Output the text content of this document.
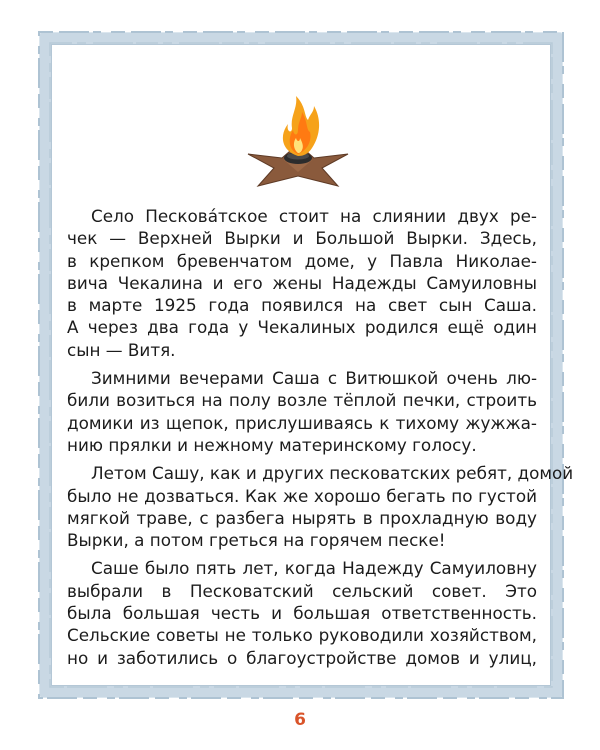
Село Песковáтское стоит на слиянии двух ре-
чек — Верхней Вырки и Большой Вырки. Здесь,
в крепком бревенчатом доме, у Павла Николае-
вича Чекалина и его жены Надежды Самуиловны
в марте 1925 года появился на свет сын Саша.
А через два года у Чекалиных родился ещё один
сын — Витя.
Зимними вечерами Саша с Витюшкой очень лю-
били возиться на полу возле тёплой печки, строить
домики из щепок, прислушиваясь к тихому жужжа-
нию прялки и нежному материнскому голосу.
Летом Сашу, как и других песковатских ребят, домой
было не дозваться. Как же хорошо бегать по густой
мягкой траве, с разбега нырять в прохладную воду
Вырки, а потом греться на горячем песке!
Саше было пять лет, когда Надежду Самуиловну
выбрали в Песковатский сельский совет. Это
была большая честь и большая ответственность.
Сельские советы не только руководили хозяйством,
но и заботились о благоустройстве домов и улиц,
6
